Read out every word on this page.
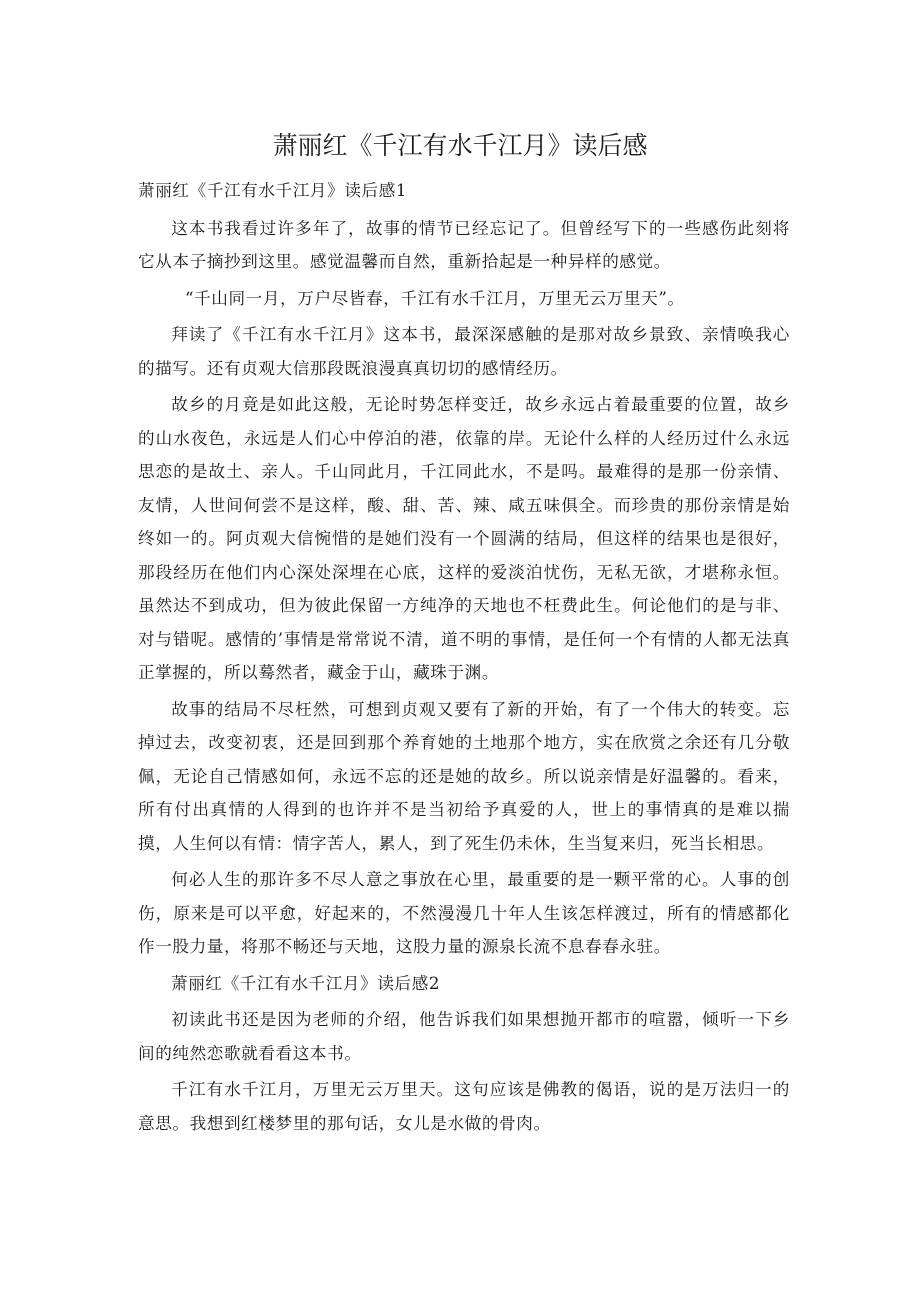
萧丽红《千江有水千江月》读后感

萧丽红《千江有水千江月》读后感1

这本书我看过许多年了，故事的情节已经忘记了。但曾经写下的一些感伤此刻将它从本子摘抄到这里。感觉温馨而自然，重新拾起是一种异样的感觉。

“千山同一月，万户尽皆春，千江有水千江月，万里无云万里天”。

拜读了《千江有水千江月》这本书，最深深感触的是那对故乡景致、亲情唤我心的描写。还有贞观大信那段既浪漫真真切切的感情经历。

故乡的月竟是如此这般，无论时势怎样变迁，故乡永远占着最重要的位置，故乡的山水夜色，永远是人们心中停泊的港，依靠的岸。无论什么样的人经历过什么永远思恋的是故土、亲人。千山同此月，千江同此水，不是吗。最难得的是那一份亲情、友情，人世间何尝不是这样，酸、甜、苦、辣、咸五味俱全。而珍贵的那份亲情是始终如一的。阿贞观大信惋惜的是她们没有一个圆满的结局，但这样的结果也是很好，那段经历在他们内心深处深埋在心底，这样的爱淡泊忧伤，无私无欲，才堪称永恒。虽然达不到成功，但为彼此保留一方纯净的天地也不枉费此生。何论他们的是与非、对与错呢。感情的’事情是常常说不清，道不明的事情，是任何一个有情的人都无法真正掌握的，所以蓦然者，藏金于山，藏珠于渊。

故事的结局不尽枉然，可想到贞观又要有了新的开始，有了一个伟大的转变。忘掉过去，改变初衷，还是回到那个养育她的土地那个地方，实在欣赏之余还有几分敬佩，无论自己情感如何，永远不忘的还是她的故乡。所以说亲情是好温馨的。看来，所有付出真情的人得到的也许并不是当初给予真爱的人，世上的事情真的是难以揣摸，人生何以有情：情字苦人，累人，到了死生仍未休，生当复来归，死当长相思。

何必人生的那许多不尽人意之事放在心里，最重要的是一颗平常的心。人事的创伤，原来是可以平愈，好起来的，不然漫漫几十年人生该怎样渡过，所有的情感都化作一股力量，将那不畅还与天地，这股力量的源泉长流不息春春永驻。

萧丽红《千江有水千江月》读后感2

初读此书还是因为老师的介绍，他告诉我们如果想抛开都市的喧嚣，倾听一下乡间的纯然恋歌就看看这本书。

千江有水千江月，万里无云万里天。这句应该是佛教的偈语，说的是万法归一的意思。我想到红楼梦里的那句话，女儿是水做的骨肉。
